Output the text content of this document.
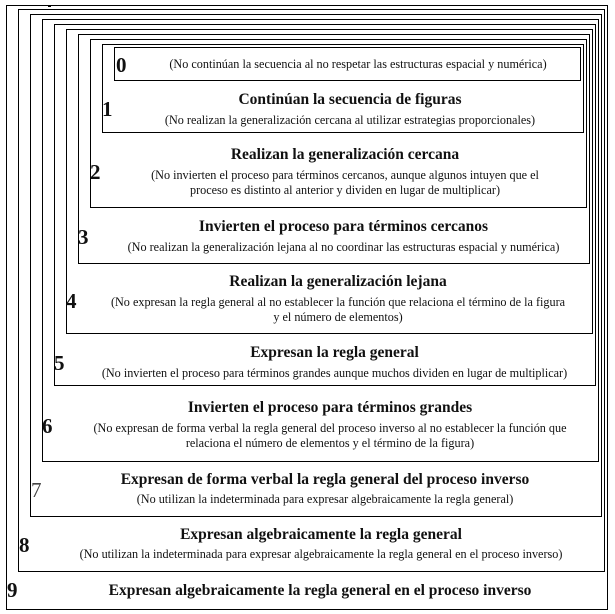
0	(No continúan la secuencia al no respetar las estructuras espacial y numérica)
1	Continúan la secuencia de figuras
(No realizan la generalización cercana al utilizar estrategias proporcionales)
2
Realizan la generalización cercana
(No invierten el proceso para términos cercanos, aunque algunos intuyen que el
proceso es distinto al anterior y dividen en lugar de multiplicar)
3	Invierten el proceso para términos cercanos
(No realizan la generalización lejana al no coordinar las estructuras espacial y numérica)
4
Realizan la generalización lejana
(No expresan la regla general al no establecer la función que relaciona el término de la figura
y el número de elementos)
5	Expresan la regla general
(No invierten el proceso para términos grandes aunque muchos dividen en lugar de multiplicar)
6
Invierten el proceso para términos grandes
(No expresan de forma verbal la regla general del proceso inverso al no establecer la función que
relaciona el número de elementos y el término de la figura)
7	Expresan de forma verbal la regla general del proceso inverso
(No utilizan la indeterminada para expresar algebraicamente la regla general)
8	Expresan algebraicamente la regla general
(No utilizan la indeterminada para expresar algebraicamente la regla general en el proceso inverso)
9	Expresan algebraicamente la regla general en el proceso inverso
